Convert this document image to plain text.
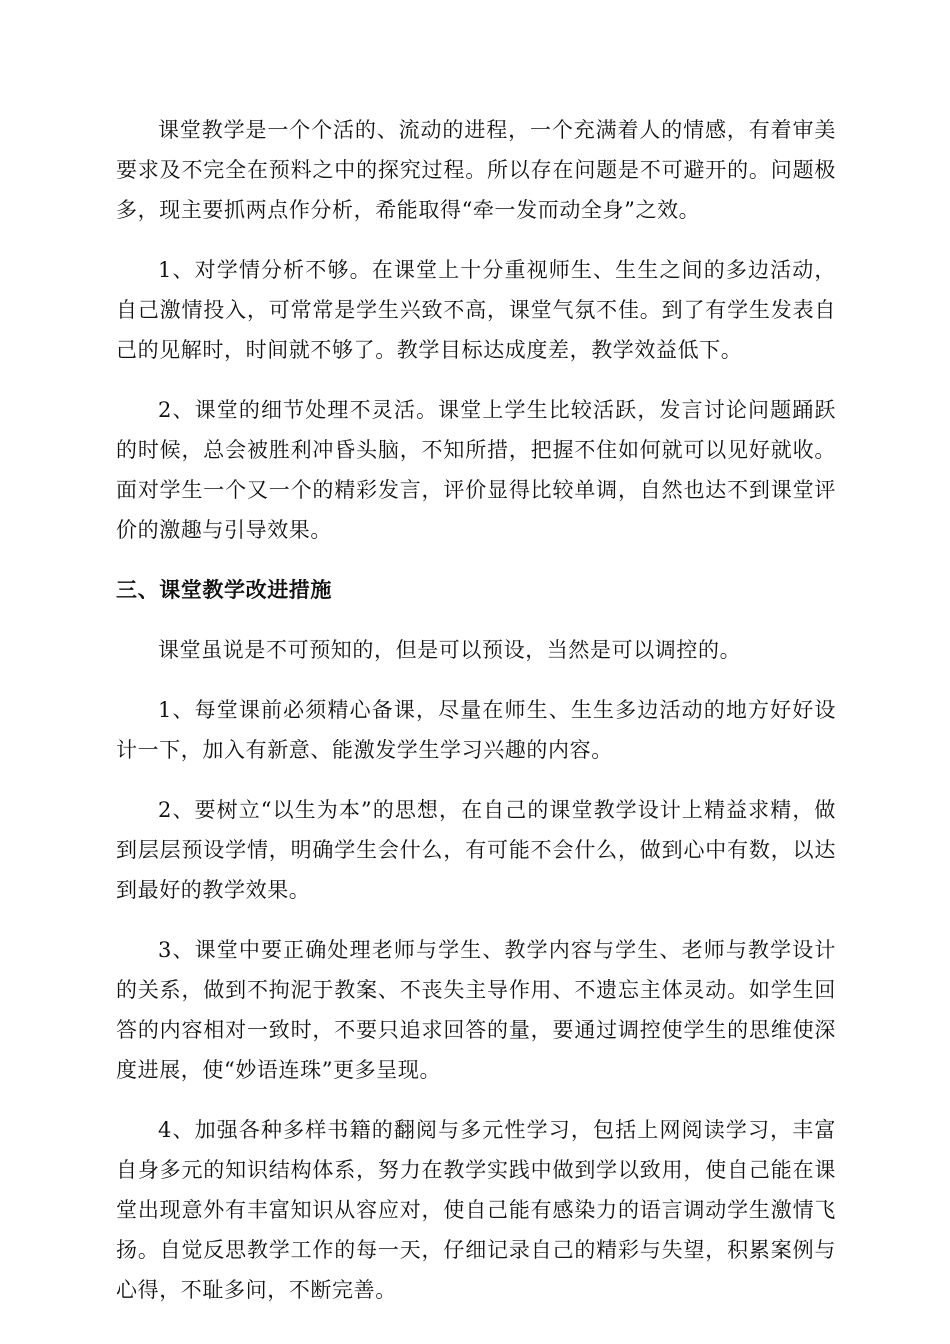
课堂教学是一个个活的、流动的进程，一个充满着人的情感，有着审美要求及不完全在预料之中的探究过程。所以存在问题是不可避开的。问题极多，现主要抓两点作分析，希能取得“牵一发而动全身”之效。

1、对学情分析不够。在课堂上十分重视师生、生生之间的多边活动，自己激情投入，可常常是学生兴致不高，课堂气氛不佳。到了有学生发表自己的见解时，时间就不够了。教学目标达成度差，教学效益低下。

2、课堂的细节处理不灵活。课堂上学生比较活跃，发言讨论问题踊跃的时候，总会被胜利冲昏头脑，不知所措，把握不住如何就可以见好就收。面对学生一个又一个的精彩发言，评价显得比较单调，自然也达不到课堂评价的激趣与引导效果。

三、课堂教学改进措施

课堂虽说是不可预知的，但是可以预设，当然是可以调控的。

1、每堂课前必须精心备课，尽量在师生、生生多边活动的地方好好设计一下，加入有新意、能激发学生学习兴趣的内容。

2、要树立“以生为本”的思想，在自己的课堂教学设计上精益求精，做到层层预设学情，明确学生会什么，有可能不会什么，做到心中有数，以达到最好的教学效果。

3、课堂中要正确处理老师与学生、教学内容与学生、老师与教学设计的关系，做到不拘泥于教案、不丧失主导作用、不遗忘主体灵动。如学生回答的内容相对一致时，不要只追求回答的量，要通过调控使学生的思维使深度进展，使“妙语连珠”更多呈现。

4、加强各种多样书籍的翻阅与多元性学习，包括上网阅读学习，丰富自身多元的知识结构体系，努力在教学实践中做到学以致用，使自己能在课堂出现意外有丰富知识从容应对，使自己能有感染力的语言调动学生激情飞扬。自觉反思教学工作的每一天，仔细记录自己的精彩与失望，积累案例与心得，不耻多问，不断完善。
